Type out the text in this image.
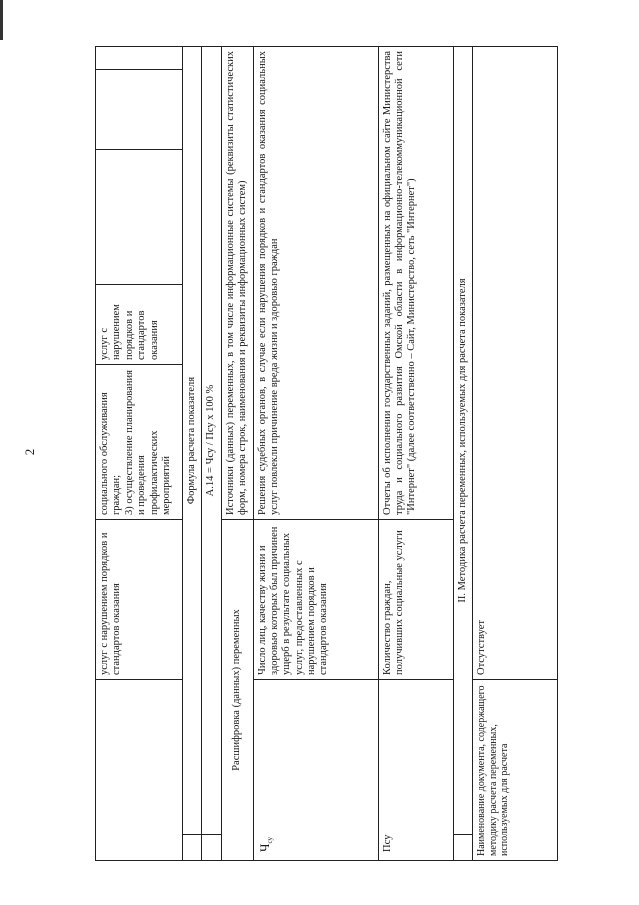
2
		услуг с нарушением порядков и стандартов оказания	социального обслуживания граждан;
3) осуществление планирования и проведения профилактических мероприятий	услуг с нарушением порядков и стандартов оказания			
	Формула расчета показателя						
	А.14 = Чсу / Псу х 100 %						
Расшифровка (данных) переменных			Источники (данных) переменных, в том числе информационные системы (реквизиты статистических форм, номера строк, наименования и реквизиты информационных систем)				
$Ч_{су}$		Число лиц, качеству жизни и здоровью которых был причинен ущерб в результате социальных услуг, предоставленных с нарушением порядков и стандартов оказания	Решения судебных органов, в случае если нарушения порядков и стандартов оказания социальных услуг повлекли причинение вреда жизни и здоровью граждан				
Псу		Количество граждан, получивших социальные услуги	Отчеты об исполнении государственных заданий, размещенных на официальном сайте Министерства труда и социального развития Омской области в информационно-телекоммуникационной сети "Интернет" (далее соответственно – Сайт, Министерство, сеть "Интернет")				
	II. Методика расчета переменных, используемых для расчета показателя						
Наименование документа, содержащего методику расчета переменных, используемых для расчета		Отсутствует					
